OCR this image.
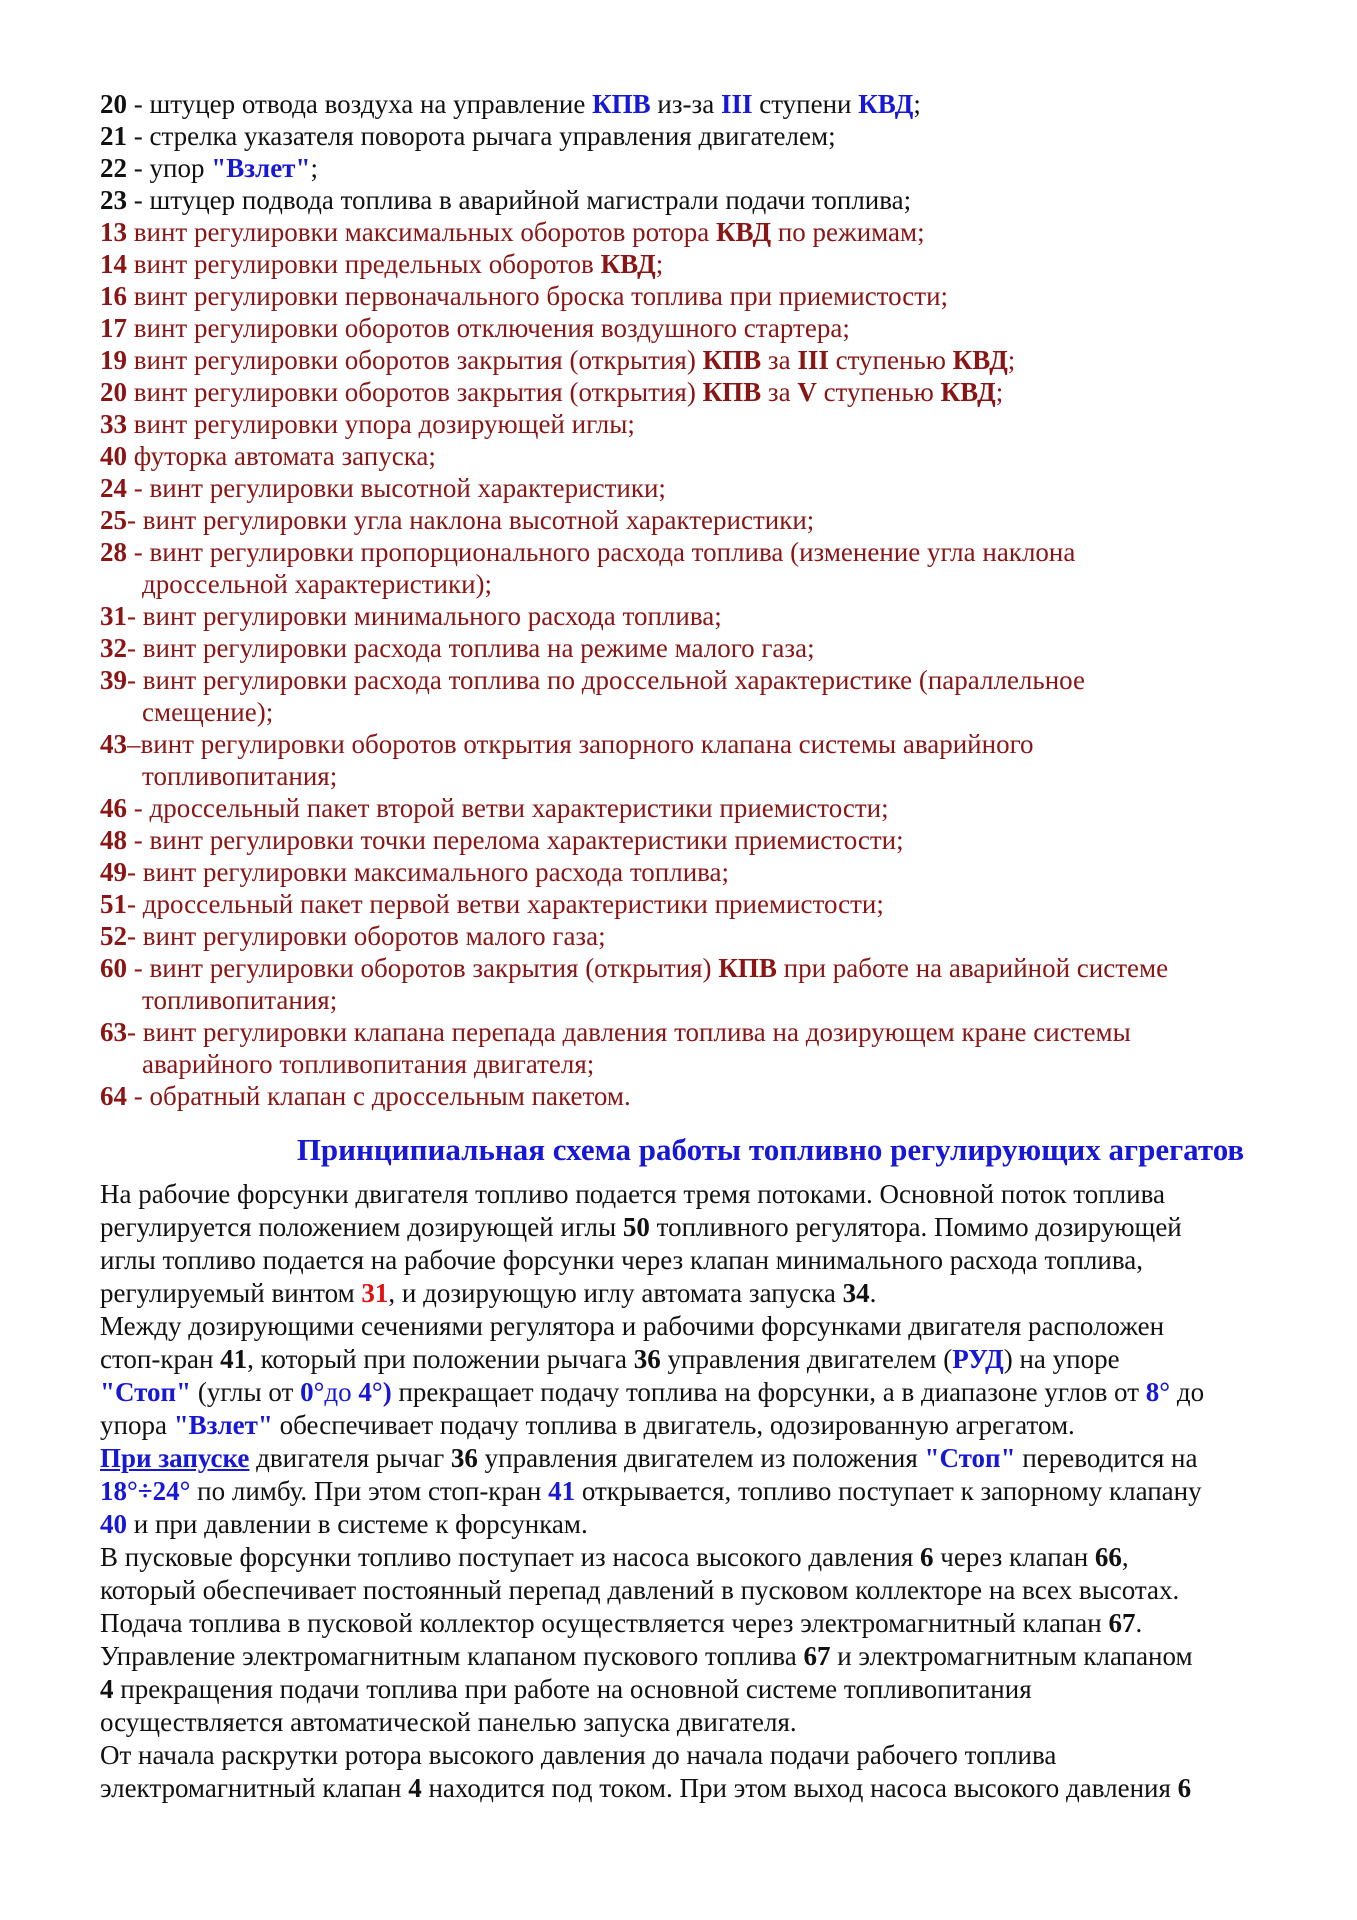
20 - штуцер отвода воздуха на управление КПВ из-за III ступени КВД;
21 - стрелка указателя поворота рычага управления двигателем;
22 - упор "Взлет";
23 - штуцер подвода топлива в аварийной магистрали подачи топлива;
13 винт регулировки максимальных оборотов ротора КВД по режимам;
14 винт регулировки предельных оборотов КВД;
16 винт регулировки первоначального броска топлива при приемистости;
17 винт регулировки оборотов отключения воздушного стартера;
19 винт регулировки оборотов закрытия (открытия) КПВ за III ступенью КВД;
20 винт регулировки оборотов закрытия (открытия) КПВ за V ступенью КВД;
33 винт регулировки упора дозирующей иглы;
40 футорка автомата запуска;
24 - винт регулировки высотной характеристики;
25- винт регулировки угла наклона высотной характеристики;
28 - винт регулировки пропорционального расхода топлива (изменение угла наклона
дроссельной характеристики);
31- винт регулировки минимального расхода топлива;
32- винт регулировки расхода топлива на режиме малого газа;
39- винт регулировки расхода топлива по дроссельной характеристике (параллельное
смещение);
43–винт регулировки оборотов открытия запорного клапана системы аварийного
топливопитания;
46 - дроссельный пакет второй ветви характеристики приемистости;
48 - винт регулировки точки перелома характеристики приемистости;
49- винт регулировки максимального расхода топлива;
51- дроссельный пакет первой ветви характеристики приемистости;
52- винт регулировки оборотов малого газа;
60 - винт регулировки оборотов закрытия (открытия) КПВ при работе на аварийной системе
топливопитания;
63- винт регулировки клапана перепада давления топлива на дозирующем кране системы
аварийного топливопитания двигателя;
64 - обратный клапан с дроссельным пакетом.
Принципиальная схема работы топливно регулирующих агрегатов
На рабочие форсунки двигателя топливо подается тремя потоками. Основной поток топлива
регулируется положением дозирующей иглы 50 топливного регулятора. Помимо дозирующей
иглы топливо подается на рабочие форсунки через клапан минимального расхода топлива,
регулируемый винтом 31, и дозирующую иглу автомата запуска 34.
Между дозирующими сечениями регулятора и рабочими форсунками двигателя расположен
стоп-кран 41, который при положении рычага 36 управления двигателем (РУД) на упоре
"Стоп" (углы от 0°до 4°) прекращает подачу топлива на форсунки, а в диапазоне углов от 8° до
упора "Взлет" обеспечивает подачу топлива в двигатель, одозированную агрегатом.
При запуске двигателя рычаг 36 управления двигателем из положения "Стоп" переводится на
18°÷24° по лимбу. При этом стоп-кран 41 открывается, топливо поступает к запорному клапану
40 и при давлении в системе к форсункам.
В пусковые форсунки топливо поступает из насоса высокого давления 6 через клапан 66,
который обеспечивает постоянный перепад давлений в пусковом коллекторе на всех высотах.
Подача топлива в пусковой коллектор осуществляется через электромагнитный клапан 67.
Управление электромагнитным клапаном пускового топлива 67 и электромагнитным клапаном
4 прекращения подачи топлива при работе на основной системе топливопитания
осуществляется автоматической панелью запуска двигателя.
От начала раскрутки ротора высокого давления до начала подачи рабочего топлива
электромагнитный клапан 4 находится под током. При этом выход насоса высокого давления 6
